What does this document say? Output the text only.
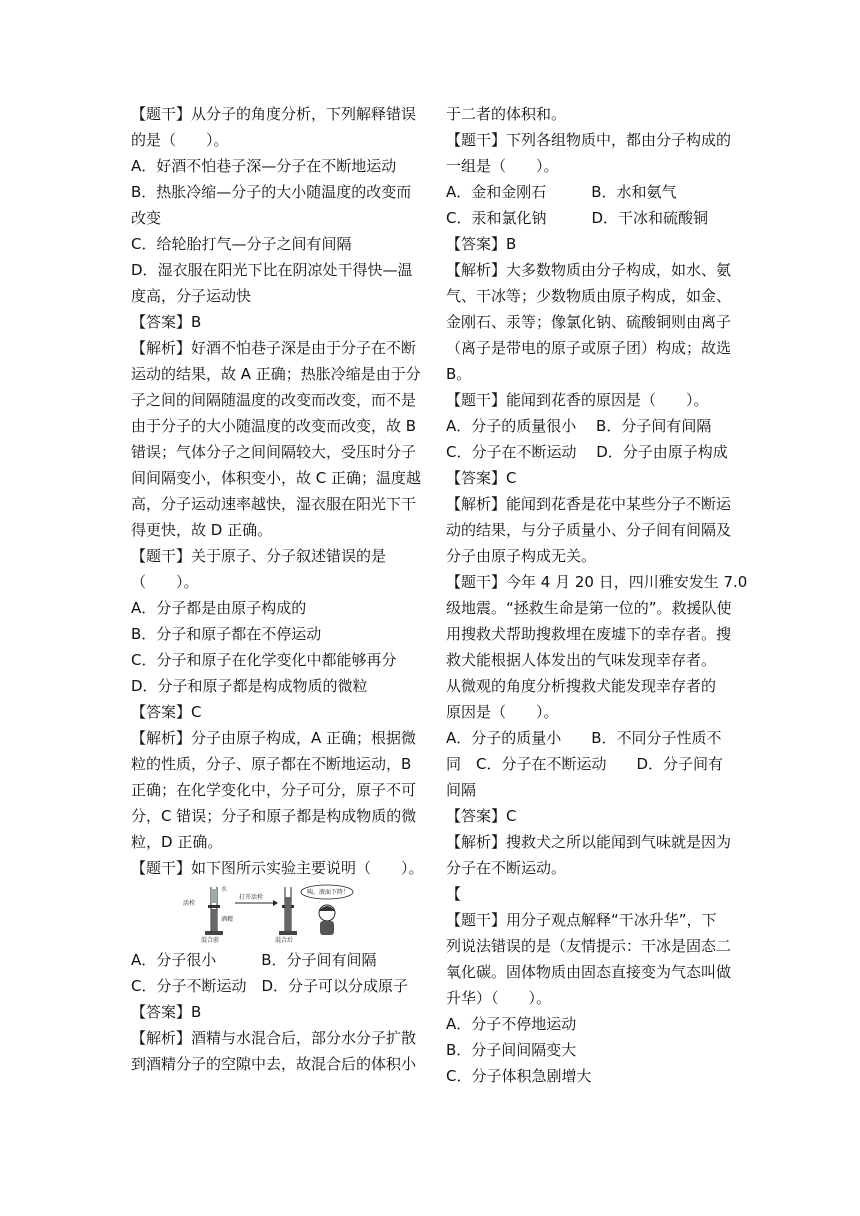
【题干】从分子的角度分析，下列解释错误
的是（　　）。
A．好酒不怕巷子深—分子在不断地运动
B．热胀冷缩—分子的大小随温度的改变而
改变
C．给轮胎打气—分子之间有间隔
D．湿衣服在阳光下比在阴凉处干得快—温
度高，分子运动快
【答案】B
【解析】好酒不怕巷子深是由于分子在不断
运动的结果，故 A 正确；热胀冷缩是由于分
子之间的间隔随温度的改变而改变，而不是
由于分子的大小随温度的改变而改变，故 B
错误；气体分子之间间隔较大，受压时分子
间间隔变小，体积变小，故 C 正确；温度越
高，分子运动速率越快，湿衣服在阳光下干
得更快，故 D 正确。
【题干】关于原子、分子叙述错误的是
（　　）。
A．分子都是由原子构成的
B．分子和原子都在不停运动
C．分子和原子在化学变化中都能够再分
D．分子和原子都是构成物质的微粒
【答案】C
【解析】分子由原子构成，A 正确；根据微
粒的性质，分子、原子都在不断地运动，B
正确；在化学变化中，分子可分，原子不可
分，C 错误；分子和原子都是构成物质的微
粒，D 正确。
【题干】如下图所示实验主要说明（　　）。
水
活栓
酒精
混合前
打开活栓
混合后
咦，液面下降！
A．分子很小　　　B．分子间有间隔
C．分子不断运动　D．分子可以分成原子
【答案】B
【解析】酒精与水混合后，部分水分子扩散
到酒精分子的空隙中去，故混合后的体积小
于二者的体积和。
【题干】下列各组物质中，都由分子构成的
一组是（　　）。
A．金和金刚石　　　B．水和氨气
C．汞和氯化钠　　　D．干冰和硫酸铜
【答案】B
【解析】大多数物质由分子构成，如水、氨
气、干冰等；少数物质由原子构成，如金、
金刚石、汞等；像氯化钠、硫酸铜则由离子
（离子是带电的原子或原子团）构成；故选
B。
【题干】能闻到花香的原因是（　　）。
A．分子的质量很小　 B．分子间有间隔
C．分子在不断运动　 D．分子由原子构成
【答案】C
【解析】能闻到花香是花中某些分子不断运
动的结果，与分子质量小、分子间有间隔及
分子由原子构成无关。
【题干】今年 4 月 20 日，四川雅安发生 7.0
级地震。“拯救生命是第一位的”。救援队使
用搜救犬帮助搜救埋在废墟下的幸存者。搜
救犬能根据人体发出的气味发现幸存者。
从微观的角度分析搜救犬能发现幸存者的
原因是（　　）。
A．分子的质量小　　B．不同分子性质不
同　C．分子在不断运动　　D．分子间有
间隔
【答案】C
【解析】搜救犬之所以能闻到气味就是因为
分子在不断运动。
【
【题干】用分子观点解释“干冰升华”，下
列说法错误的是（友情提示：干冰是固态二
氧化碳。固体物质由固态直接变为气态叫做
升华）（　　）。
A．分子不停地运动
B．分子间间隔变大
C．分子体积急剧增大
